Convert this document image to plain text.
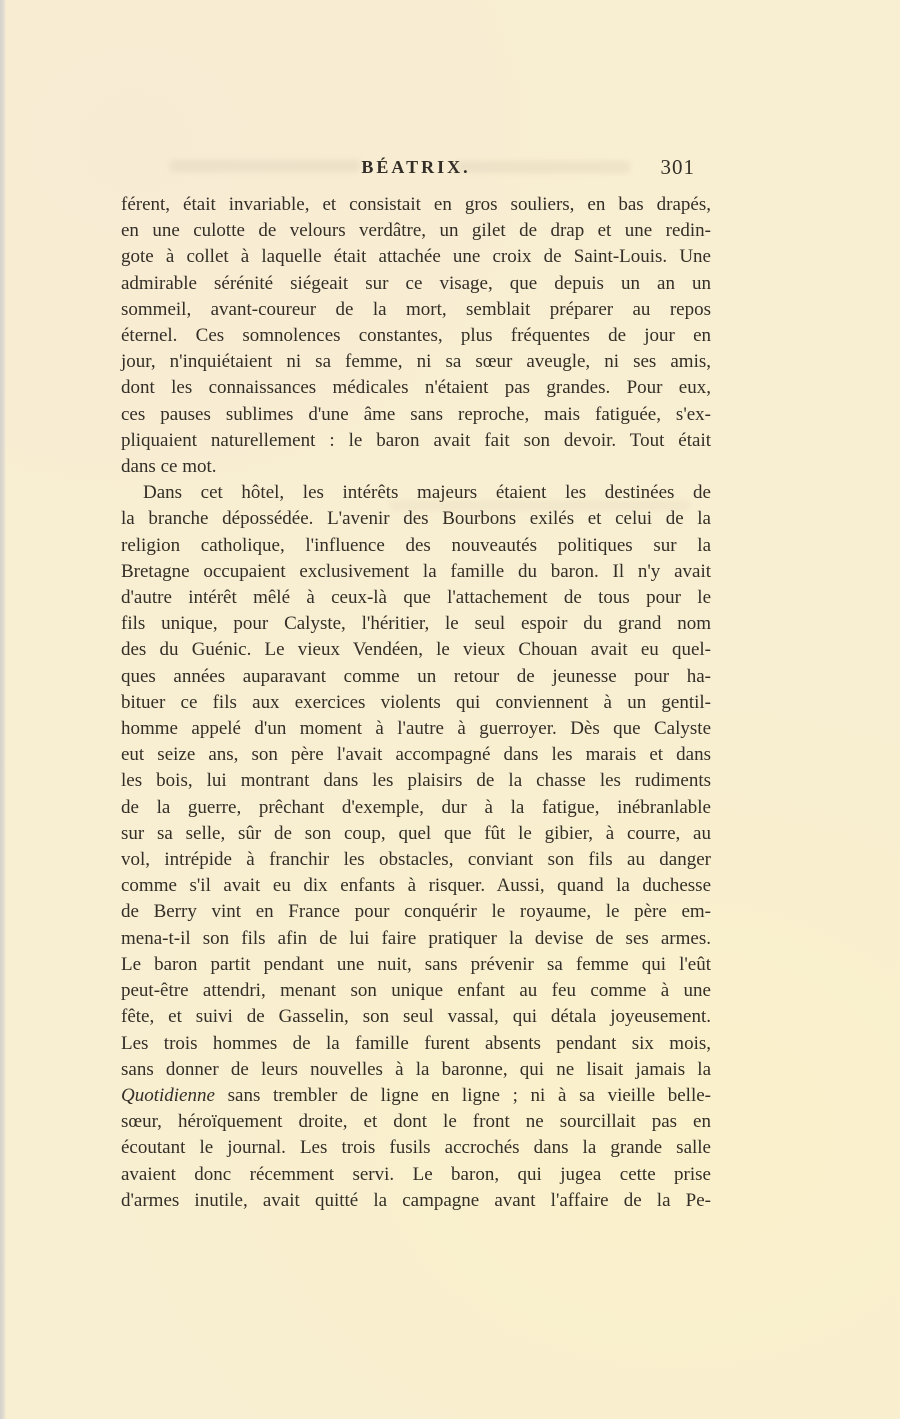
BÉATRIX.	301
férent, était invariable, et consistait en gros souliers, en bas drapés,
en une culotte de velours verdâtre, un gilet de drap et une redin-
gote à collet à laquelle était attachée une croix de Saint-Louis. Une
admirable sérénité siégeait sur ce visage, que depuis un an un
sommeil, avant-coureur de la mort, semblait préparer au repos
éternel. Ces somnolences constantes, plus fréquentes de jour en
jour, n'inquiétaient ni sa femme, ni sa sœur aveugle, ni ses amis,
dont les connaissances médicales n'étaient pas grandes. Pour eux,
ces pauses sublimes d'une âme sans reproche, mais fatiguée, s'ex-
pliquaient naturellement : le baron avait fait son devoir. Tout était
dans ce mot.
Dans cet hôtel, les intérêts majeurs étaient les destinées de
la branche dépossédée. L'avenir des Bourbons exilés et celui de la
religion catholique, l'influence des nouveautés politiques sur la
Bretagne occupaient exclusivement la famille du baron. Il n'y avait
d'autre intérêt mêlé à ceux-là que l'attachement de tous pour le
fils unique, pour Calyste, l'héritier, le seul espoir du grand nom
des du Guénic. Le vieux Vendéen, le vieux Chouan avait eu quel-
ques années auparavant comme un retour de jeunesse pour ha-
bituer ce fils aux exercices violents qui conviennent à un gentil-
homme appelé d'un moment à l'autre à guerroyer. Dès que Calyste
eut seize ans, son père l'avait accompagné dans les marais et dans
les bois, lui montrant dans les plaisirs de la chasse les rudiments
de la guerre, prêchant d'exemple, dur à la fatigue, inébranlable
sur sa selle, sûr de son coup, quel que fût le gibier, à courre, au
vol, intrépide à franchir les obstacles, conviant son fils au danger
comme s'il avait eu dix enfants à risquer. Aussi, quand la duchesse
de Berry vint en France pour conquérir le royaume, le père em-
mena-t-il son fils afin de lui faire pratiquer la devise de ses armes.
Le baron partit pendant une nuit, sans prévenir sa femme qui l'eût
peut-être attendri, menant son unique enfant au feu comme à une
fête, et suivi de Gasselin, son seul vassal, qui détala joyeusement.
Les trois hommes de la famille furent absents pendant six mois,
sans donner de leurs nouvelles à la baronne, qui ne lisait jamais la
Quotidienne sans trembler de ligne en ligne ; ni à sa vieille belle-
sœur, héroïquement droite, et dont le front ne sourcillait pas en
écoutant le journal. Les trois fusils accrochés dans la grande salle
avaient donc récemment servi. Le baron, qui jugea cette prise
d'armes inutile, avait quitté la campagne avant l'affaire de la Pe-
